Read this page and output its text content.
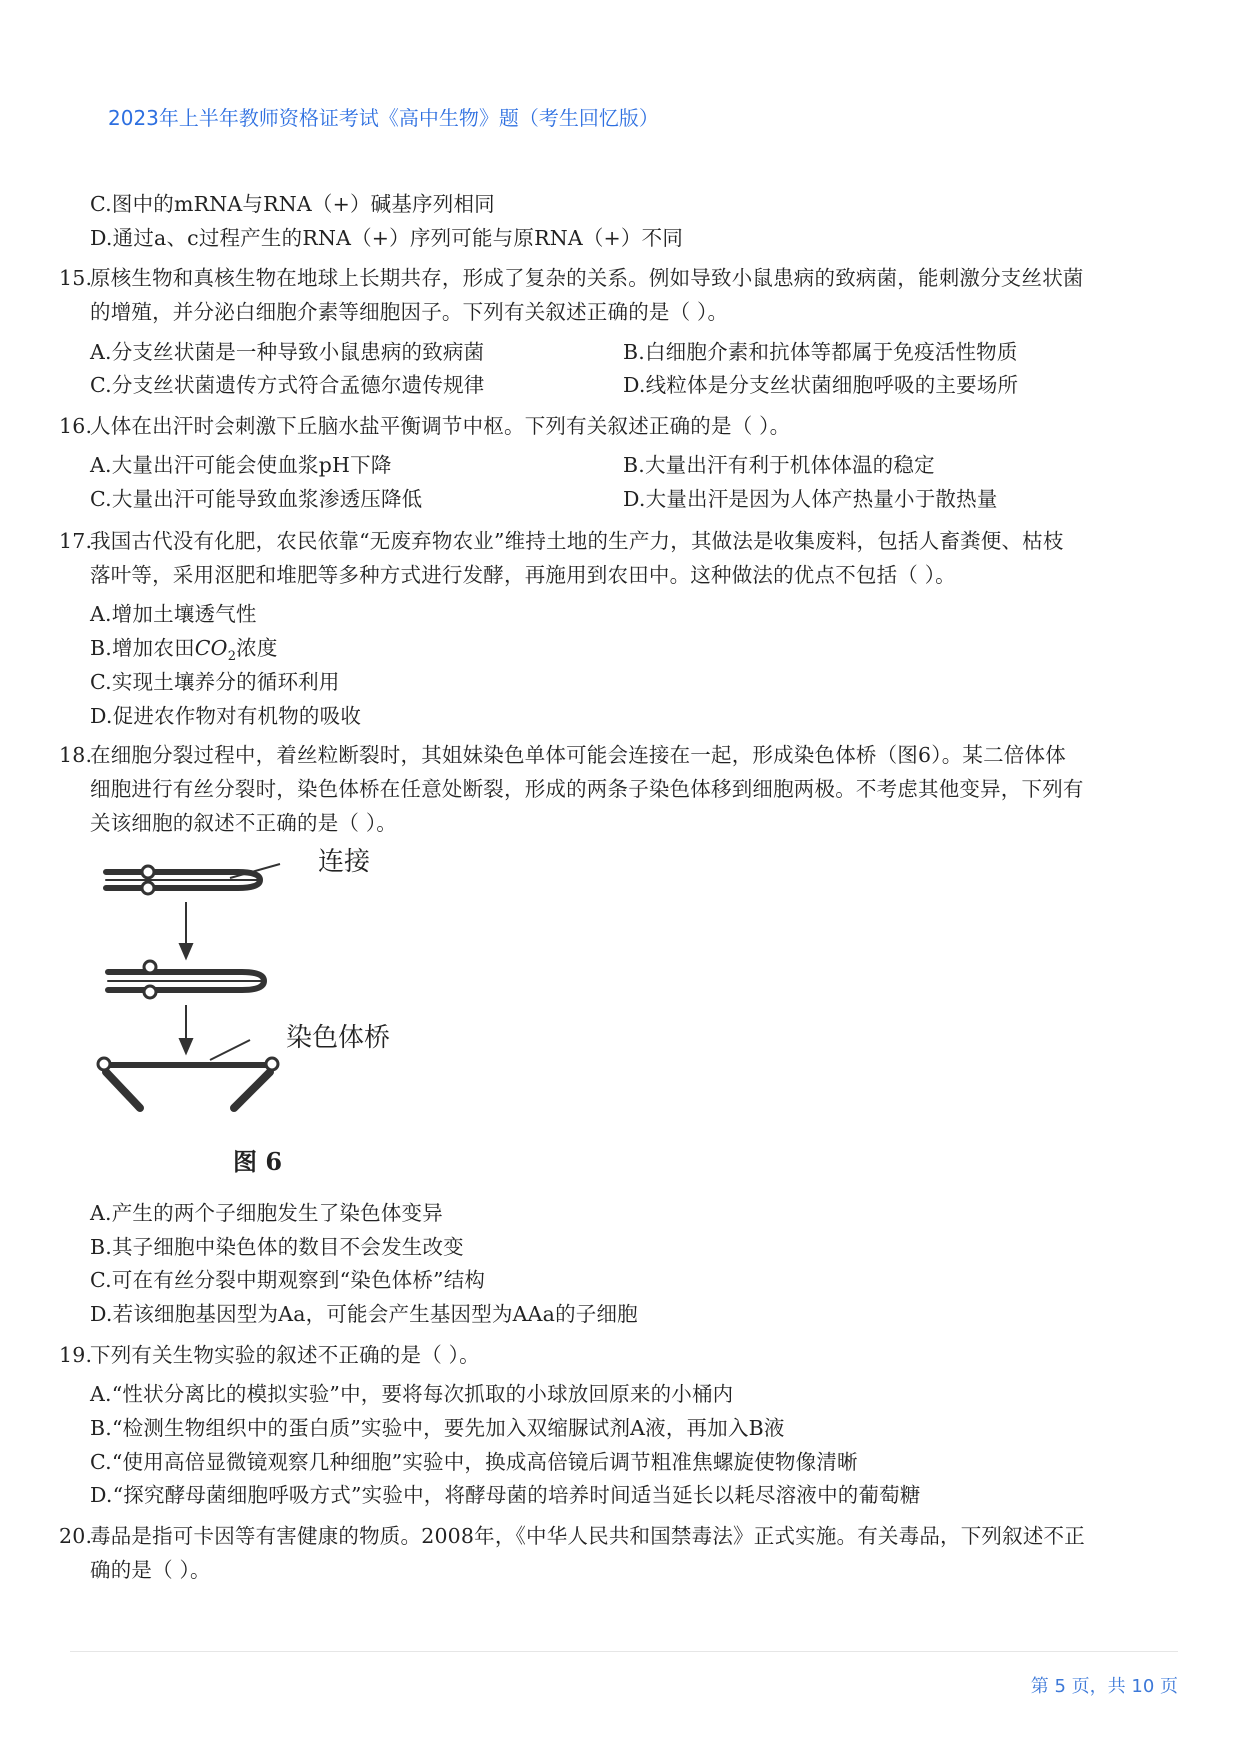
2023年上半年教师资格证考试《高中生物》题（考生回忆版）
C.图中的mRNA与RNA（+）碱基序列相同
D.通过a、c过程产生的RNA（+）序列可能与原RNA（+）不同
15.
原核生物和真核生物在地球上长期共存，形成了复杂的关系。例如导致小鼠患病的致病菌，能刺激分支丝状菌
的增殖，并分泌白细胞介素等细胞因子。下列有关叙述正确的是（ ）。
A.分支丝状菌是一种导致小鼠患病的致病菌	B.白细胞介素和抗体等都属于免疫活性物质
C.分支丝状菌遗传方式符合孟德尔遗传规律	D.线粒体是分支丝状菌细胞呼吸的主要场所
16.
人体在出汗时会刺激下丘脑水盐平衡调节中枢。下列有关叙述正确的是（ ）。
A.大量出汗可能会使血浆pH下降	B.大量出汗有利于机体体温的稳定
C.大量出汗可能导致血浆渗透压降低	D.大量出汗是因为人体产热量小于散热量
17.
我国古代没有化肥，农民依靠“无废弃物农业”维持土地的生产力，其做法是收集废料，包括人畜粪便、枯枝
落叶等，采用沤肥和堆肥等多种方式进行发酵，再施用到农田中。这种做法的优点不包括（ ）。
A.增加土壤透气性
B.增加农田$CO_2$浓度
C.实现土壤养分的循环利用
D.促进农作物对有机物的吸收
18.
在细胞分裂过程中，着丝粒断裂时，其姐妹染色单体可能会连接在一起，形成染色体桥（图6）。某二倍体体
细胞进行有丝分裂时，染色体桥在任意处断裂，形成的两条子染色体移到细胞两极。不考虑其他变异，下列有
关该细胞的叙述不正确的是（ ）。
连接
染色体桥
图 6
A.产生的两个子细胞发生了染色体变异
B.其子细胞中染色体的数目不会发生改变
C.可在有丝分裂中期观察到“染色体桥”结构
D.若该细胞基因型为Aa，可能会产生基因型为AAa的子细胞
19.
下列有关生物实验的叙述不正确的是（ ）。
A.“性状分离比的模拟实验”中，要将每次抓取的小球放回原来的小桶内
B.“检测生物组织中的蛋白质”实验中，要先加入双缩脲试剂A液，再加入B液
C.“使用高倍显微镜观察几种细胞”实验中，换成高倍镜后调节粗准焦螺旋使物像清晰
D.“探究酵母菌细胞呼吸方式”实验中，将酵母菌的培养时间适当延长以耗尽溶液中的葡萄糖
20.
毒品是指可卡因等有害健康的物质。2008年，《中华人民共和国禁毒法》正式实施。有关毒品，下列叙述不正
确的是（ ）。
第 5 页，共 10 页
